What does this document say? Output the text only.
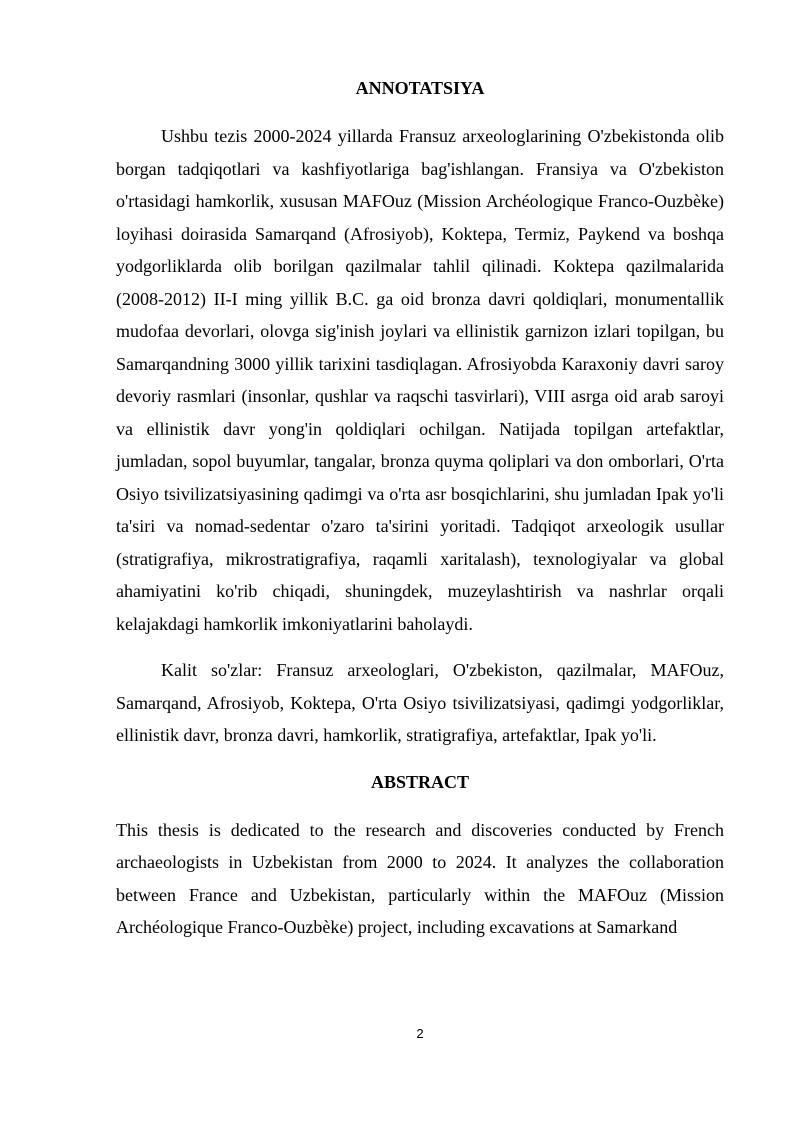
ANNOTATSIYA

Ushbu tezis 2000-2024 yillarda Fransuz arxeologlarining O'zbekistonda olib borgan tadqiqotlari va kashfiyotlariga bag'ishlangan. Fransiya va O'zbekiston o'rtasidagi hamkorlik, xususan MAFOuz (Mission Archéologique Franco-Ouzbèke) loyihasi doirasida Samarqand (Afrosiyob), Koktepa, Termiz, Paykend va boshqa yodgorliklarda olib borilgan qazilmalar tahlil qilinadi. Koktepa qazilmalarida (2008-2012) II-I ming yillik B.C. ga oid bronza davri qoldiqlari, monumentallik mudofaa devorlari, olovga sig'inish joylari va ellinistik garnizon izlari topilgan, bu Samarqandning 3000 yillik tarixini tasdiqlagan. Afrosiyobda Karaxoniy davri saroy devoriy rasmlari (insonlar, qushlar va raqschi tasvirlari), VIII asrga oid arab saroyi va ellinistik davr yong'in qoldiqlari ochilgan. Natijada topilgan artefaktlar, jumladan, sopol buyumlar, tangalar, bronza quyma qoliplari va don omborlari, O'rta Osiyo tsivilizatsiyasining qadimgi va o'rta asr bosqichlarini, shu jumladan Ipak yo'li ta'siri va nomad-sedentar o'zaro ta'sirini yoritadi. Tadqiqot arxeologik usullar (stratigrafiya, mikrostratigrafiya, raqamli xaritalash), texnologiyalar va global ahamiyatini ko'rib chiqadi, shuningdek, muzeylashtirish va nashrlar orqali kelajakdagi hamkorlik imkoniyatlarini baholaydi.

Kalit so'zlar: Fransuz arxeologlari, O'zbekiston, qazilmalar, MAFOuz, Samarqand, Afrosiyob, Koktepa, O'rta Osiyo tsivilizatsiyasi, qadimgi yodgorliklar, ellinistik davr, bronza davri, hamkorlik, stratigrafiya, artefaktlar, Ipak yo'li.

ABSTRACT

This thesis is dedicated to the research and discoveries conducted by French archaeologists in Uzbekistan from 2000 to 2024. It analyzes the collaboration between France and Uzbekistan, particularly within the MAFOuz (Mission Archéologique Franco-Ouzbèke) project, including excavations at Samarkand

2
